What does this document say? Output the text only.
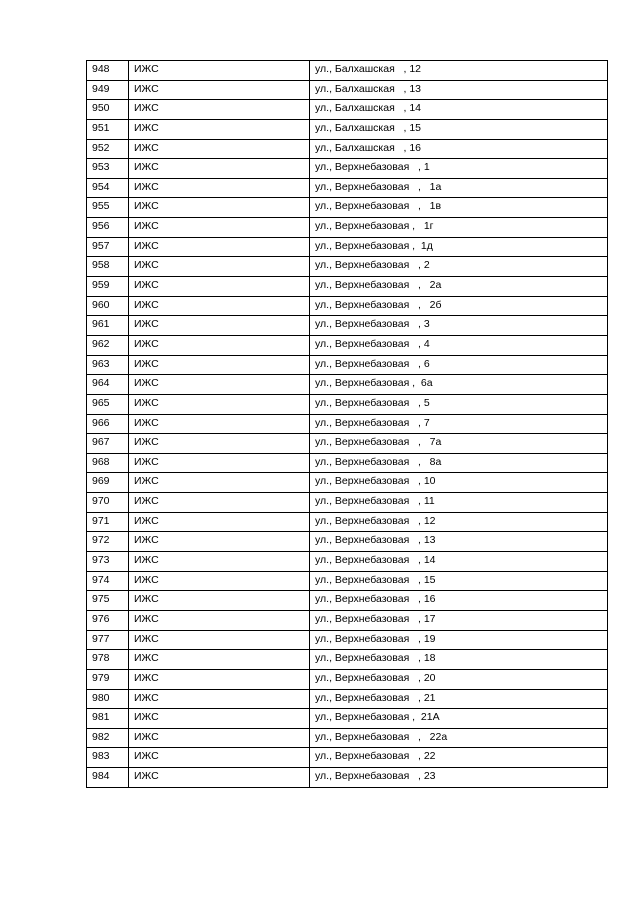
948	ИЖС	ул., Балхашская   , 12
949	ИЖС	ул., Балхашская   , 13
950	ИЖС	ул., Балхашская   , 14
951	ИЖС	ул., Балхашская   , 15
952	ИЖС	ул., Балхашская   , 16
953	ИЖС	ул., Верхнебазовая   , 1
954	ИЖС	ул., Верхнебазовая   ,   1а
955	ИЖС	ул., Верхнебазовая   ,   1в
956	ИЖС	ул., Верхнебазовая ,   1г
957	ИЖС	ул., Верхнебазовая ,  1д
958	ИЖС	ул., Верхнебазовая   , 2
959	ИЖС	ул., Верхнебазовая   ,   2а
960	ИЖС	ул., Верхнебазовая   ,   2б
961	ИЖС	ул., Верхнебазовая   , 3
962	ИЖС	ул., Верхнебазовая   , 4
963	ИЖС	ул., Верхнебазовая   , 6
964	ИЖС	ул., Верхнебазовая ,  6а
965	ИЖС	ул., Верхнебазовая   , 5
966	ИЖС	ул., Верхнебазовая   , 7
967	ИЖС	ул., Верхнебазовая   ,   7а
968	ИЖС	ул., Верхнебазовая   ,   8а
969	ИЖС	ул., Верхнебазовая   , 10
970	ИЖС	ул., Верхнебазовая   , 11
971	ИЖС	ул., Верхнебазовая   , 12
972	ИЖС	ул., Верхнебазовая   , 13
973	ИЖС	ул., Верхнебазовая   , 14
974	ИЖС	ул., Верхнебазовая   , 15
975	ИЖС	ул., Верхнебазовая   , 16
976	ИЖС	ул., Верхнебазовая   , 17
977	ИЖС	ул., Верхнебазовая   , 19
978	ИЖС	ул., Верхнебазовая   , 18
979	ИЖС	ул., Верхнебазовая   , 20
980	ИЖС	ул., Верхнебазовая   , 21
981	ИЖС	ул., Верхнебазовая ,  21А
982	ИЖС	ул., Верхнебазовая   ,   22а
983	ИЖС	ул., Верхнебазовая   , 22
984	ИЖС	ул., Верхнебазовая   , 23
